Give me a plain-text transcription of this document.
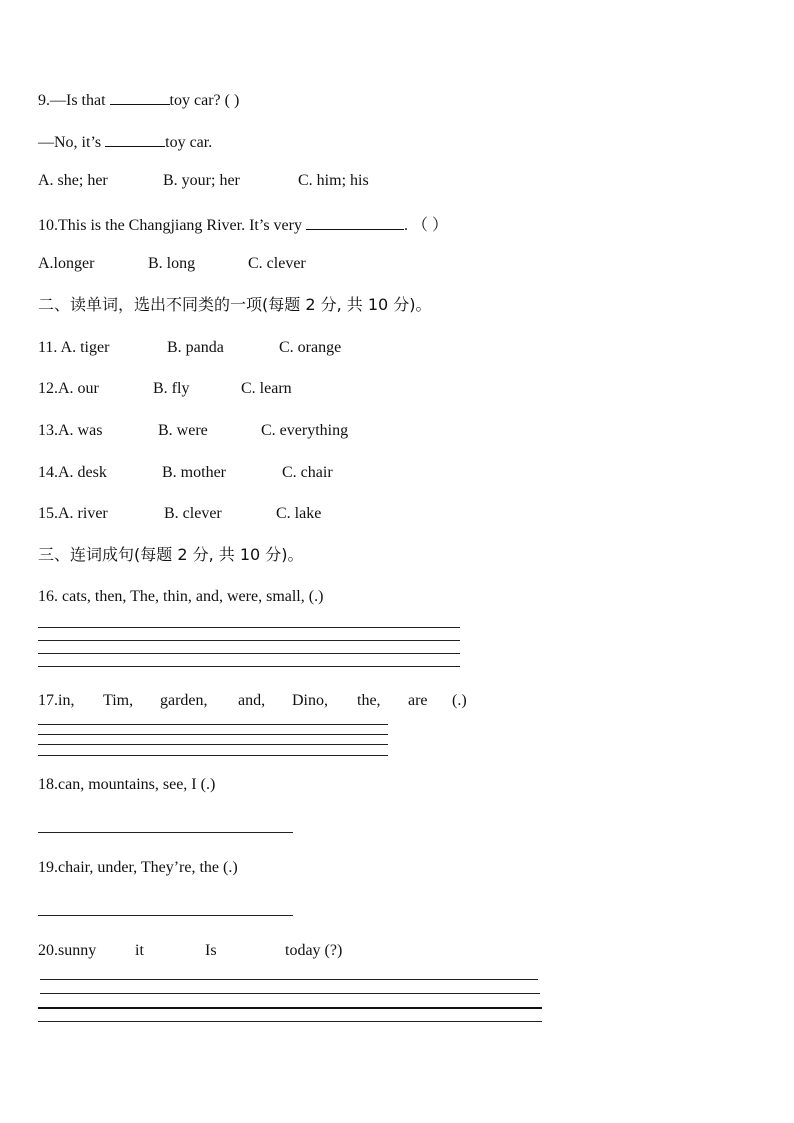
9.—Is that	toy car? ( )
—No, it’s	toy car.
A. she; her	B. your; her	C. him; his
10.This is the Changjiang River. It’s very	. （ ）
A.longer	B. long	C. clever
二、读单词，选出不同类的一项(每题 2 分, 共 10 分)。
11. A. tiger	B. panda	C. orange
12.A. our	B. fly	C. learn
13.A. was	B. were	C. everything
14.A. desk	B. mother	C. chair
15.A. river	B. clever	C. lake
三、连词成句(每题 2 分, 共 10 分)。
16. cats, then, The, thin, and, were, small, (.)
17.in, Tim, garden, and, Dino, the, are (.)
18.can, mountains, see, I (.)
19.chair, under, They’re, the (.)
20.sunny it	Is	today (?)
